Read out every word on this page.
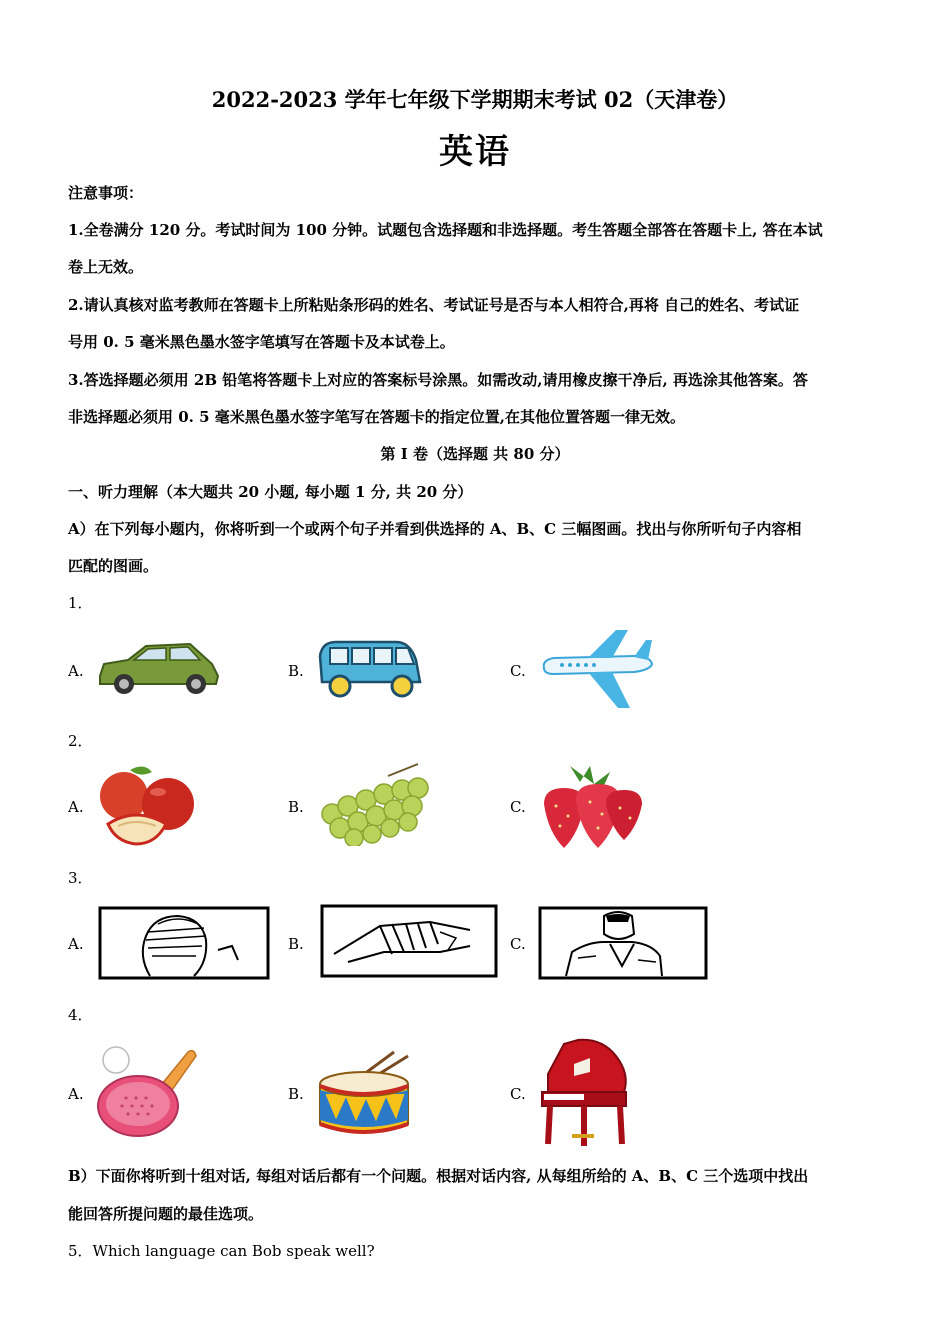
2022-2023 学年七年级下学期期末考试 02（天津卷）
英语
注意事项：
1.全卷满分 120 分。考试时间为 100 分钟。试题包含选择题和非选择题。考生答题全部答在答题卡上, 答在本试
卷上无效。
2.请认真核对监考教师在答题卡上所粘贴条形码的姓名、考试证号是否与本人相符合,再将 自己的姓名、考试证
号用 0. 5 毫米黑色墨水签字笔填写在答题卡及本试卷上。
3.答选择题必须用 2B 铅笔将答题卡上对应的答案标号涂黑。如需改动,请用橡皮擦干净后, 再选涂其他答案。答
非选择题必须用 0. 5 毫米黑色墨水签字笔写在答题卡的指定位置,在其他位置答题一律无效。
第 I 卷（选择题 共 80 分）
一、听力理解（本大题共 20 小题, 每小题 1 分, 共 20 分）
A）在下列每小题内，你将听到一个或两个句子并看到供选择的 A、B、C 三幅图画。找出与你所听句子内容相
匹配的图画。
1．
A.	B.	C.
2．
A.	B.	C.
3．
A.	B.	C.
4．
A.	B.	C.
B）下面你将听到十组对话, 每组对话后都有一个问题。根据对话内容, 从每组所给的 A、B、C 三个选项中找出
能回答所提问题的最佳选项。
5．Which language can Bob speak well?
